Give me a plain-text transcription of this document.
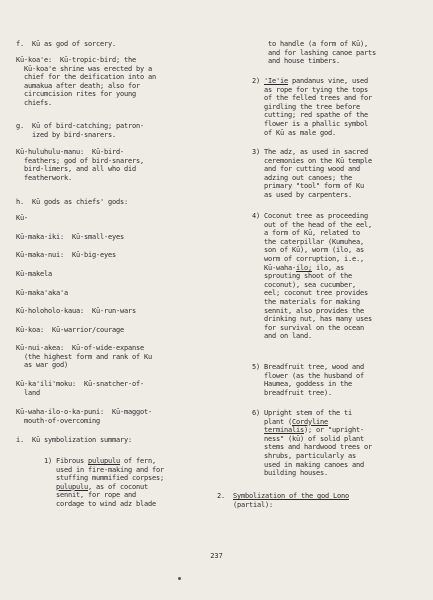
f.  Kū as god of sorcery.
Kū-koa'e:  Kū-tropic-bird; the
Kū-koa'e shrine was erected by a
chief for the deification into an
aumakua after death; also for
circumcision rites for young
chiefs.
g.  Kū of bird-catching; patron-
ized by bird-snarers.
Kū-huluhulu-manu:  Kū-bird-
feathers; god of bird-snarers,
bird-limers, and all who did
featherwork.
h.  Kū gods as chiefs' gods:
Kū-
Kū-maka-iki:  Kū-small-eyes
Kū-maka-nui:  Kū-big-eyes
Kū-makela
Kū-maka'aka'a
Kū-holoholo-kaua:  Kū-run-wars
Kū-koa:  Kū-warrior/courage
Kū-nui-akea:  Kū-of-wide-expanse
(the highest form and rank of Ku
as war god)
Kū-ka'ili'moku:  Kū-snatcher-of-
land
Kū-waha-ilo-o-ka-puni:  Kū-maggot-
mouth-of-overcoming
i.  Kū symbolization summary:
1) Fibrous pulupulu of fern,
used in fire-making and for
stuffing mummified corpses;
pulupulu, as of coconut
sennit, for rope and
cordage to wind adz blade
to handle (a form of Kū),
and for lashing canoe parts
and house timbers.
2) 'Ie'ie pandanus vine, used
as rope for tying the tops
of the felled trees and for
girdling the tree before
cutting; red spathe of the
flower is a phallic symbol
of Kū as male god.
3) The adz, as used in sacred
ceremonies on the Kū temple
and for cutting wood and
adzing out canoes; the
primary "tool" form of Ku
as used by carpenters.
4) Coconut tree as proceeding
out of the head of the eel,
a form of Kū, related to
the caterpillar (Kumuhea,
son of Kū), worm (ilo, as
worm of corruption, i.e.,
Kū-waha-ilo; ilo, as
sprouting shoot of the
coconut), sea cucumber,
eel; coconut tree provides
the materials for making
sennit, also provides the
drinking nut, has many uses
for survival on the ocean
and on land.
5) Breadfruit tree, wood and
flower (as the husband of
Haumea, goddess in the
breadfruit tree).
6) Upright stem of the ti
plant (Cordyline
terminalis); or "upright-
ness" (kū) of solid plant
stems and hardwood trees or
shrubs, particularly as
used in making canoes and
building houses.
2.  Symbolization of the god Lono
(partial):
237
